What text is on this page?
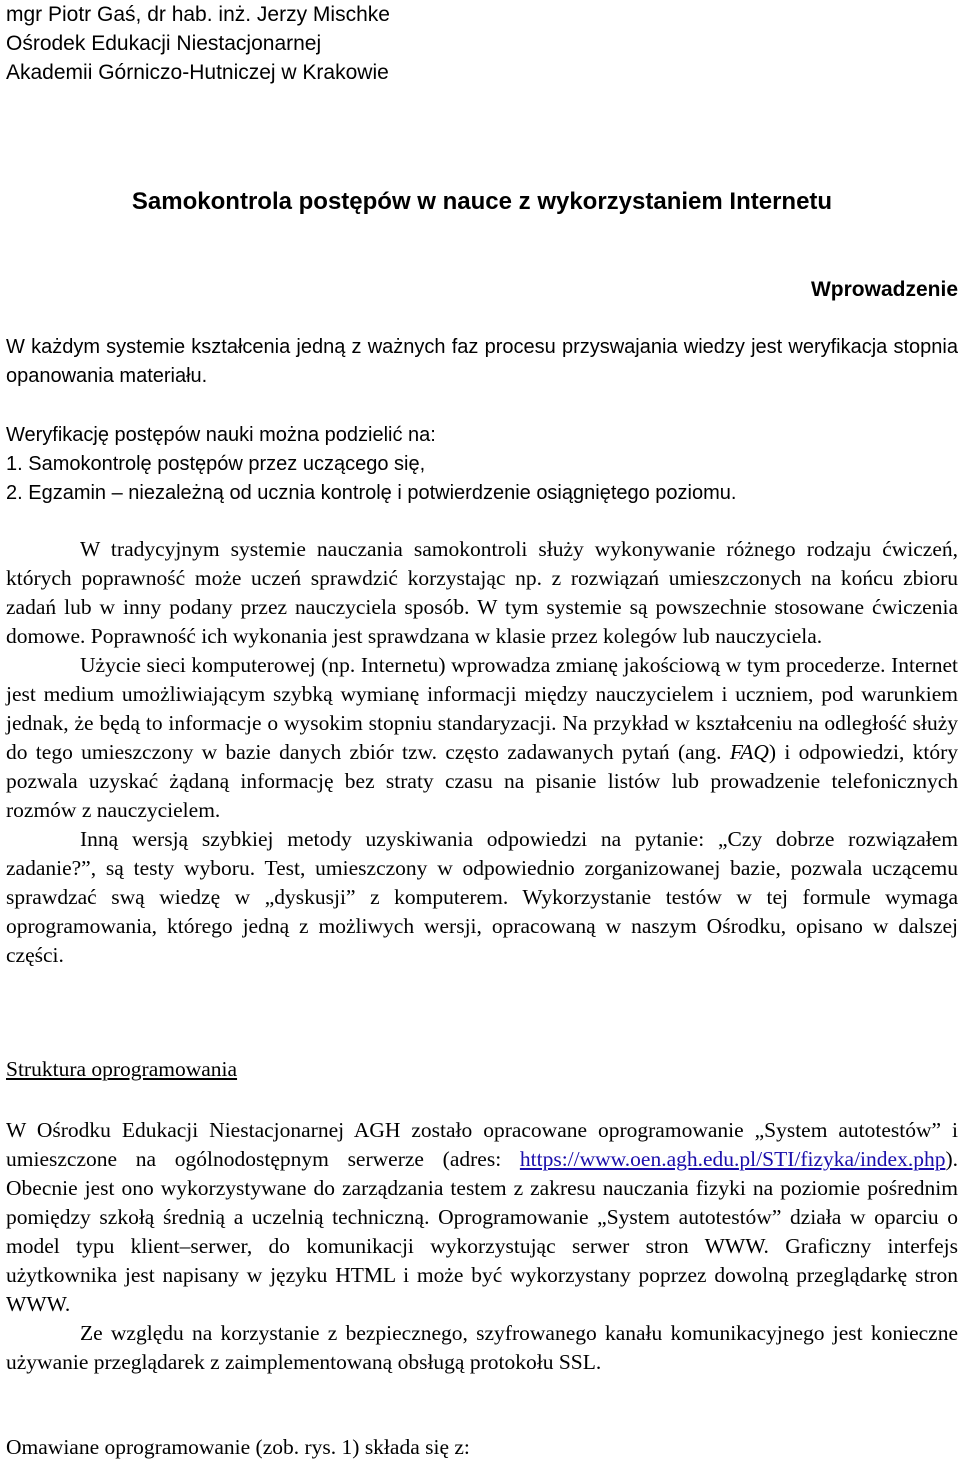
mgr Piotr Gaś, dr hab. inż. Jerzy Mischke

Ośrodek Edukacji Niestacjonarnej

Akademii Górniczo-Hutniczej w Krakowie

Samokontrola postępów w nauce z wykorzystaniem Internetu
Wprowadzenie

W każdym systemie kształcenia jedną z ważnych faz procesu przyswajania wiedzy jest weryfikacja stopnia opanowania materiału.

Weryfikację postępów nauki można podzielić na:

1. Samokontrolę postępów przez uczącego się,
2. Egzamin – niezależną od ucznia kontrolę i potwierdzenie osiągniętego poziomu.

W tradycyjnym systemie nauczania samokontroli służy wykonywanie różnego rodzaju ćwiczeń, których poprawność może uczeń sprawdzić korzystając np. z rozwiązań umieszczonych na końcu zbioru zadań lub w inny podany przez nauczyciela sposób. W tym systemie są powszechnie stosowane ćwiczenia domowe. Poprawność ich wykonania jest sprawdzana w klasie przez kolegów lub nauczyciela.

Użycie sieci komputerowej (np. Internetu) wprowadza zmianę jakościową w tym procederze. Internet jest medium umożliwiającym szybką wymianę informacji między nauczycielem i uczniem, pod warunkiem jednak, że będą to informacje o wysokim stopniu standaryzacji. Na przykład w kształceniu na odległość służy do tego umieszczony w bazie danych zbiór tzw. często zadawanych pytań (ang. FAQ) i odpowiedzi, który pozwala uzyskać żądaną informację bez straty czasu na pisanie listów lub prowadzenie telefonicznych rozmów z nauczycielem.

Inną wersją szybkiej metody uzyskiwania odpowiedzi na pytanie: „Czy dobrze rozwiązałem zadanie?”, są testy wyboru. Test, umieszczony w odpowiednio zorganizowanej bazie, pozwala uczącemu sprawdzać swą wiedzę w „dyskusji” z komputerem. Wykorzystanie testów w tej formule wymaga oprogramowania, którego jedną z możliwych wersji, opracowaną w naszym Ośrodku, opisano w dalszej części.

Struktura oprogramowania

W Ośrodku Edukacji Niestacjonarnej AGH zostało opracowane oprogramowanie „System autotestów” i umieszczone na ogólnodostępnym serwerze (adres: https://www.oen.agh.edu.pl/STI/fizyka/index.php). Obecnie jest ono wykorzystywane do zarządzania testem z zakresu nauczania fizyki na poziomie pośrednim pomiędzy szkołą średnią a uczelnią techniczną. Oprogramowanie „System autotestów” działa w oparciu o model typu klient–serwer, do komunikacji wykorzystując serwer stron WWW. Graficzny interfejs użytkownika jest napisany w języku HTML i może być wykorzystany poprzez dowolną przeglądarkę stron WWW.

Ze względu na korzystanie z bezpiecznego, szyfrowanego kanału komunikacyjnego jest konieczne używanie przeglądarek z zaimplementowaną obsługą protokołu SSL.

Omawiane oprogramowanie (zob. rys. 1) składa się z:
